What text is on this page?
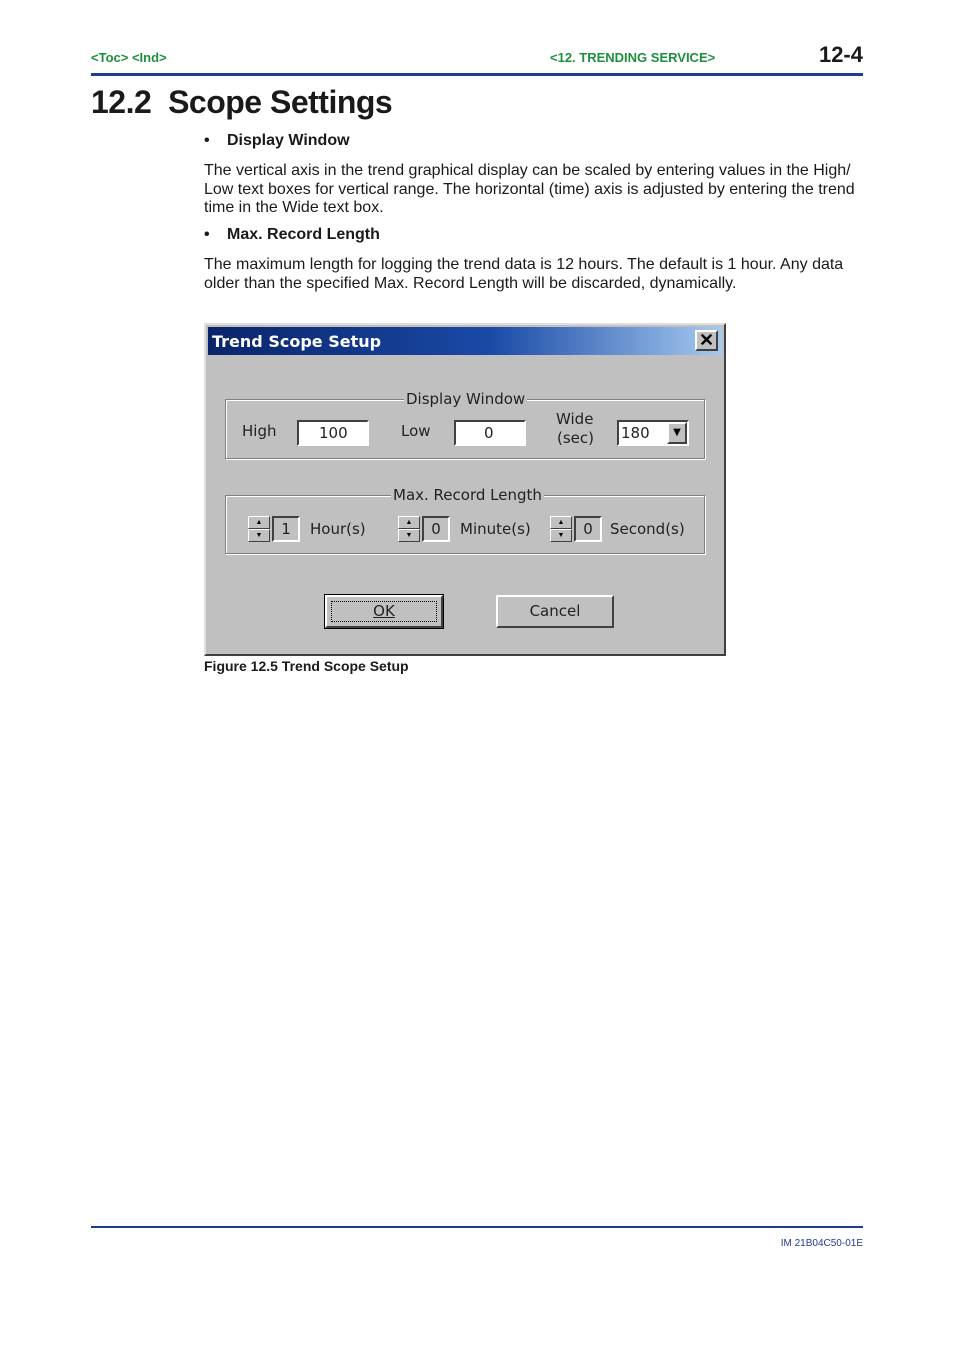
<Toc> <Ind>	<12. TRENDING SERVICE>	12-4
12.2  Scope Settings
• Display Window

The vertical axis in the trend graphical display can be scaled by entering values in the High/ Low text boxes for vertical range. The horizontal (time) axis is adjusted by entering the trend time in the Wide text box.

• Max. Record Length

The maximum length for logging the trend data is 12 hours. The default is 1 hour. Any data older than the specified Max. Record Length will be discarded, dynamically.

Trend Scope Setup	✕
Display Window
High	100	Low	0
Wide
(sec) 180	▼
Max. Record Length
▲
▼	1	Hour(s)	▲
▼	0	Minute(s)	▲
▼	0	Second(s)
OK	Cancel
Figure 12.5 Trend Scope Setup
IM 21B04C50-01E
